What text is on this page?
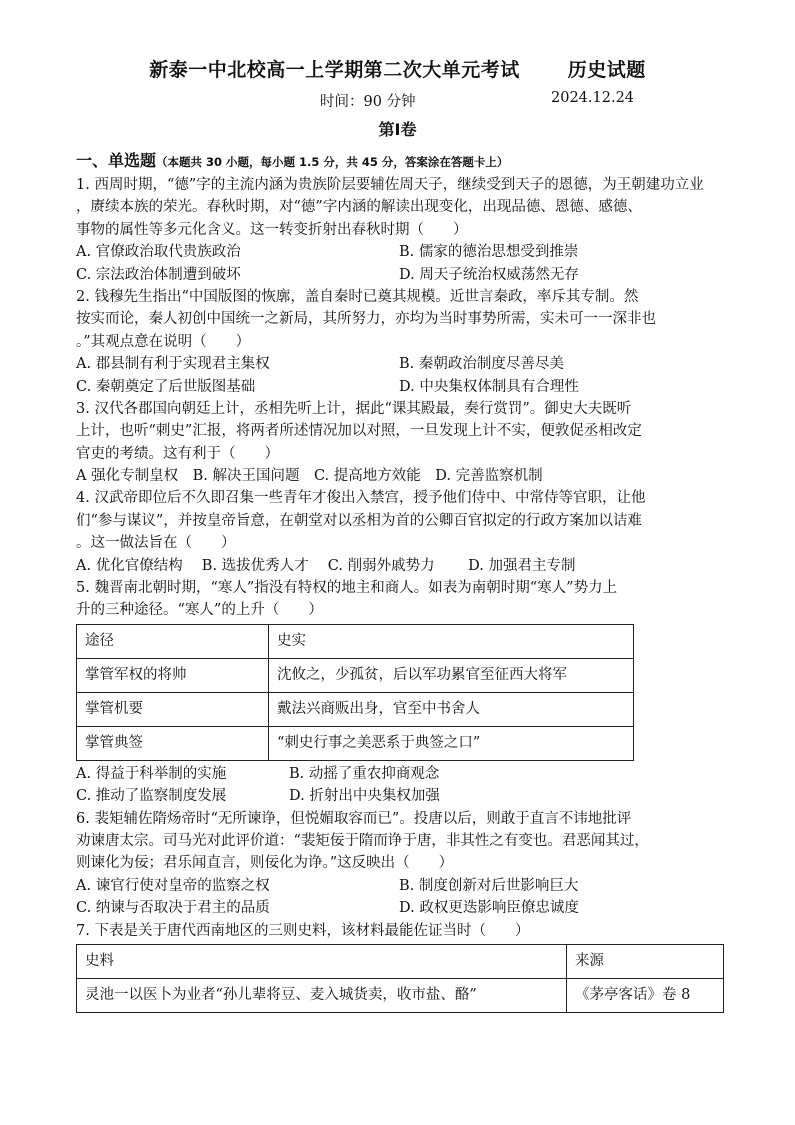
新泰一中北校高一上学期第二次大单元考试	历史试题
时间：90 分钟	2024.12.24
第Ⅰ卷
一、单选题（本题共 30 小题，每小题 1.5 分，共 45 分，答案涂在答题卡上）
1. 西周时期，“德”字的主流内涵为贵族阶层要辅佐周天子，继续受到天子的恩德，为王朝建功立业
，赓续本族的荣光。春秋时期，对“德”字内涵的解读出现变化，出现品德、恩德、感德、
事物的属性等多元化含义。这一转变折射出春秋时期（　　）
A. 官僚政治取代贵族政治	B. 儒家的德治思想受到推崇
C. 宗法政治体制遭到破坏	D. 周天子统治权威荡然无存
2. 钱穆先生指出“中国版图的恢廓，盖自秦时已奠其规模。近世言秦政，率斥其专制。然
按实而论，秦人初创中国统一之新局，其所努力，亦均为当时事势所需，实未可一一深非也
。”其观点意在说明（　　）
A. 郡县制有利于实现君主集权	B. 秦朝政治制度尽善尽美
C. 秦朝奠定了后世版图基础	D. 中央集权体制具有合理性
3. 汉代各郡国向朝廷上计，丞相先听上计，据此“课其殿最，奏行赏罚”。御史大夫既听
上计，也听“刺史”汇报，将两者所述情况加以对照，一旦发现上计不实，便敦促丞相改定
官吏的考绩。这有利于（　　）
A 强化专制皇权　B. 解决王国问题　C. 提高地方效能　D. 完善监察机制
4. 汉武帝即位后不久即召集一些青年才俊出入禁宫，授予他们侍中、中常侍等官职，让他
们“参与谋议”，并按皇帝旨意，在朝堂对以丞相为首的公卿百官拟定的行政方案加以诘难
。这一做法旨在（　　）
A. 优化官僚结构　 B. 选拔优秀人才　 C. 削弱外戚势力　　 D. 加强君主专制
5. 魏晋南北朝时期，“寒人”指没有特权的地主和商人。如表为南朝时期“寒人”势力上
升的三种途径。“寒人”的上升（　　）
途径	史实
掌管军权的将帅	沈攸之，少孤贫，后以军功累官至征西大将军
掌管机要	戴法兴商贩出身，官至中书舍人
掌管典签	“刺史行事之美恶系于典签之口”
A. 得益于科举制的实施	B. 动摇了重农抑商观念
C. 推动了监察制度发展	D. 折射出中央集权加强
6. 裴矩辅佐隋炀帝时“无所谏诤，但悦媚取容而已”。投唐以后，则敢于直言不讳地批评
劝谏唐太宗。司马光对此评价道：“裴矩佞于隋而诤于唐，非其性之有变也。君恶闻其过，
则谏化为佞；君乐闻直言，则佞化为诤。”这反映出（　　）
A. 谏官行使对皇帝的监察之权	B. 制度创新对后世影响巨大
C. 纳谏与否取决于君主的品质	D. 政权更迭影响臣僚忠诚度
7. 下表是关于唐代西南地区的三则史料，该材料最能佐证当时（　　）
史料	来源
灵池一以医卜为业者“孙儿辈将豆、麦入城货卖，收市盐、酪”	《茅亭客话》卷 8
